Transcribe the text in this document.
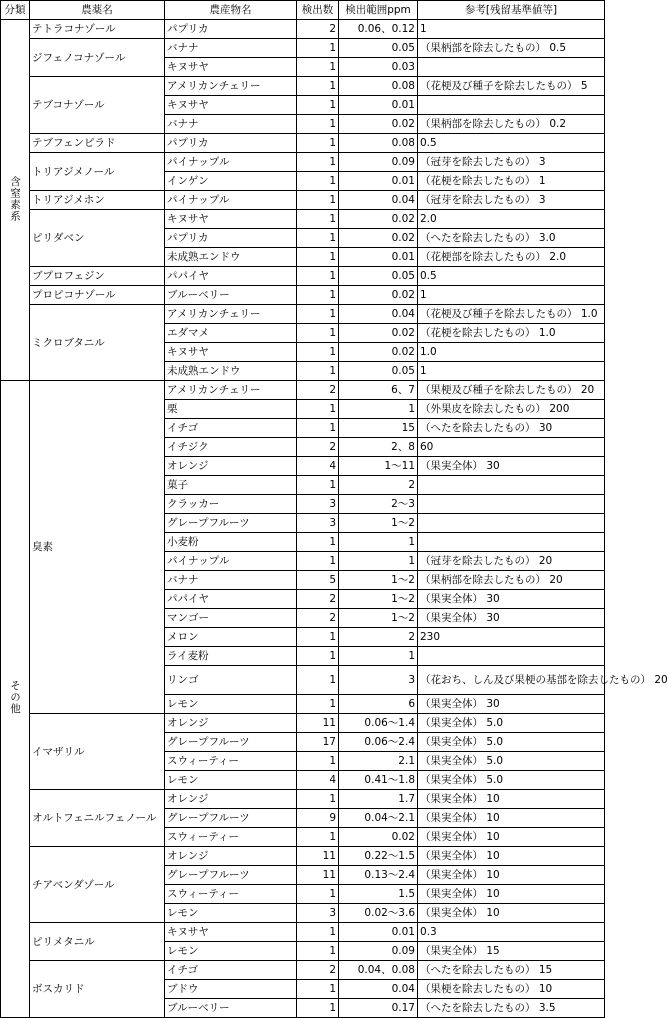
分類	農薬名	農産物名	検出数	検出範囲ppm	参考[残留基準値等]
含窒素系	テトラコナゾール	パプリカ	2	0.06、0.12	1
	ジフェノコナゾール	バナナ	1	0.05	（果柄部を除去したもの） 0.5
		キヌサヤ	1	0.03	
	テブコナゾール	アメリカンチェリー	1	0.08	（花梗及び種子を除去したもの） 5
		キヌサヤ	1	0.01	
		バナナ	1	0.02	（果柄部を除去したもの） 0.2
	テブフェンピラド	パプリカ	1	0.08	0.5
	トリアジメノール	パイナップル	1	0.09	（冠芽を除去したもの） 3
		インゲン	1	0.01	（花梗を除去したもの） 1
	トリアジメホン	パイナップル	1	0.04	（冠芽を除去したもの） 3
	ピリダベン	キヌサヤ	1	0.02	2.0
		パプリカ	1	0.02	（へたを除去したもの） 3.0
		未成熟エンドウ	1	0.01	（花梗部を除去したもの） 2.0
	ブプロフェジン	パパイヤ	1	0.05	0.5
	プロピコナゾール	ブルーベリー	1	0.02	1
	ミクロブタニル	アメリカンチェリー	1	0.04	（花梗及び種子を除去したもの） 1.0
		エダマメ	1	0.02	（花梗を除去したもの） 1.0
		キヌサヤ	1	0.02	1.0
		未成熟エンドウ	1	0.05	1
その他	臭素	アメリカンチェリー	2	6、7	（果梗及び種子を除去したもの） 20
		栗	1	1	（外果皮を除去したもの） 200
		イチゴ	1	15	（へたを除去したもの） 30
		イチジク	2	2、8	60
		オレンジ	4	1～11	（果実全体） 30
		菓子	1	2	
		クラッカー	3	2～3	
		グレープフルーツ	3	1～2	
		小麦粉	1	1	
		パイナップル	1	1	（冠芽を除去したもの） 20
		バナナ	5	1～2	（果柄部を除去したもの） 20
		パパイヤ	2	1～2	（果実全体） 30
		マンゴー	2	1～2	（果実全体） 30
		メロン	1	2	230
		ライ麦粉	1	1	
		リンゴ	1	3	（花おち、しん及び果梗の基部を除去したもの） 20
		レモン	1	6	（果実全体） 30
	イマザリル	オレンジ	11	0.06～1.4	（果実全体） 5.0
		グレープフルーツ	17	0.06～2.4	（果実全体） 5.0
		スウィーティー	1	2.1	（果実全体） 5.0
		レモン	4	0.41～1.8	（果実全体） 5.0
	オルトフェニルフェノール	オレンジ	1	1.7	（果実全体） 10
		グレープフルーツ	9	0.04～2.1	（果実全体） 10
		スウィーティー	1	0.02	（果実全体） 10
	チアベンダゾール	オレンジ	11	0.22～1.5	（果実全体） 10
		グレープフルーツ	11	0.13～2.4	（果実全体） 10
		スウィーティー	1	1.5	（果実全体） 10
		レモン	3	0.02～3.6	（果実全体） 10
	ピリメタニル	キヌサヤ	1	0.01	0.3
		レモン	1	0.09	（果実全体） 15
	ボスカリド	イチゴ	2	0.04、0.08	（へたを除去したもの） 15
		ブドウ	1	0.04	（果梗を除去したもの） 10
		ブルーベリー	1	0.17	（へたを除去したもの） 3.5
